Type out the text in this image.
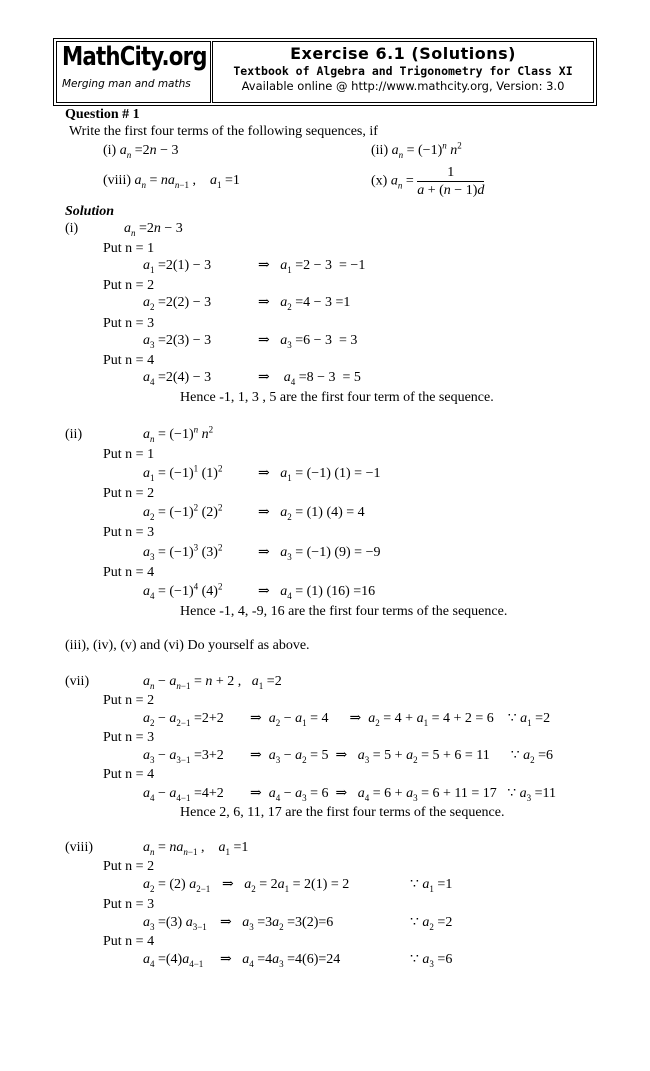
MathCity.org
Merging man and maths
Exercise 6.1 (Solutions)
Textbook of Algebra and Trigonometry for Class XI
Available online @ http://www.mathcity.org, Version: 3.0
Question # 1
Write the first four terms of the following sequences, if
(i) $a_n =2n - 3$	(ii) $a_n = (-1)^n$ $n^2$
(viii) $a_n = na_{n-1}$ ,    $a_1 =1$	(x) $a_n = \frac{1}{a + (n - 1)d}$
Solution
(i)	$a_n =2n - 3$
Put n = 1
$a_1 =2(1) - 3$	⇒   $a_1 =2 - 3 = -1$
Put n = 2
$a_2 =2(2) - 3$	⇒   $a_2 =4 - 3 =1$
Put n = 3
$a_3 =2(3) - 3$	⇒   $a_3 =6 - 3 = 3$
Put n = 4
$a_4 =2(4) - 3$	⇒    $a_4 =8 - 3 = 5$
Hence -1, 1, 3 , 5 are the first four term of the sequence.
(ii)	$a_n = (-1)^n$ $n^2$
Put n = 1
$a_1 = (-1)^1$ $(1)^2$	⇒   $a_1 = (-1) (1) = -1$
Put n = 2
$a_2 = (-1)^2$ $(2)^2$	⇒   $a_2 = (1) (4) = 4$
Put n = 3
$a_3 = (-1)^3$ $(3)^2$	⇒   $a_3 = (-1) (9) = -9$
Put n = 4
$a_4 = (-1)^4$ $(4)^2$	⇒   $a_4 = (1)$ (16) =16
Hence -1, 4, -9, 16 are the first four terms of the sequence.
(iii), (iv), (v) and (vi) Do yourself as above.
(vii)	$a_n - a_{n-1} = n + 2$ ,   $a_1 =2$
Put n = 2
$a_2 - a_{2-1} =2+2$ ⇒  $a_2 - a_1 = 4$      ⇒  $a_2 = 4 + a_1 = 4 + 2 = 6$    ∵ $a_1 =2$
Put n = 3
$a_3 - a_{3-1} =3+2$ ⇒  $a_3 - a_2 = 5$  ⇒   $a_3 = 5 + a_2 = 5 + 6 = 11$      ∵ $a_2 =6$
Put n = 4
$a_4 - a_{4-1} =4+2$ ⇒  $a_4 - a_3 = 6$  ⇒   $a_4 = 6 + a_3 = 6 + 11 = 17$   ∵ $a_3 =11$
Hence 2, 6, 11, 17 are the first four terms of the sequence.
(viii)	$a_n = na_{n-1}$ ,    $a_1 =1$
Put n = 2
$a_2 = (2)$ $a_{2-1}$ ⇒   $a_2 = 2a_1 = 2(1) = 2$	∵ $a_1 =1$
Put n = 3
$a_3 =(3)$ $a_{3-1}$ ⇒   $a_3 =3a_2 =3(2)=6$	∵ $a_2 =2$
Put n = 4
$a_4 =(4)a_{4-1}$ ⇒   $a_4 =4a_3 =4(6)=24$	∵ $a_3 =6$
